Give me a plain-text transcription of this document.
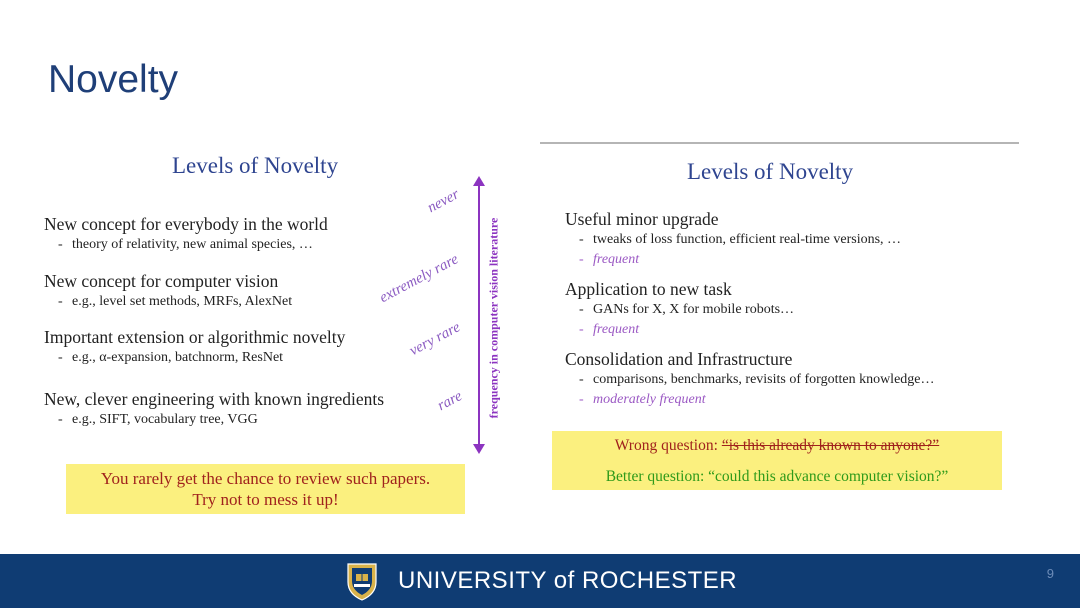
Novelty
Levels of Novelty
New concept for everybody in the world
- theory of relativity, new animal species, …
New concept for computer vision
- e.g., level set methods, MRFs, AlexNet
Important extension or algorithmic novelty
- e.g., α-expansion, batchnorm, ResNet
New, clever engineering with known ingredients
- e.g., SIFT, vocabulary tree, VGG
never
extremely rare
very rare
rare frequency in computer vision literature
You rarely get the chance to review such papers.
Try not to mess it up!
Levels of Novelty
Useful minor upgrade
- tweaks of loss function, efficient real-time versions, …
- frequent
Application to new task
- GANs for X, X for mobile robots…
- frequent
Consolidation and Infrastructure
- comparisons, benchmarks, revisits of forgotten knowledge…
- moderately frequent
Wrong question: “is this already known to anyone?”
Better question: “could this advance computer vision?”
UNIVERSITY of ROCHESTER	9
